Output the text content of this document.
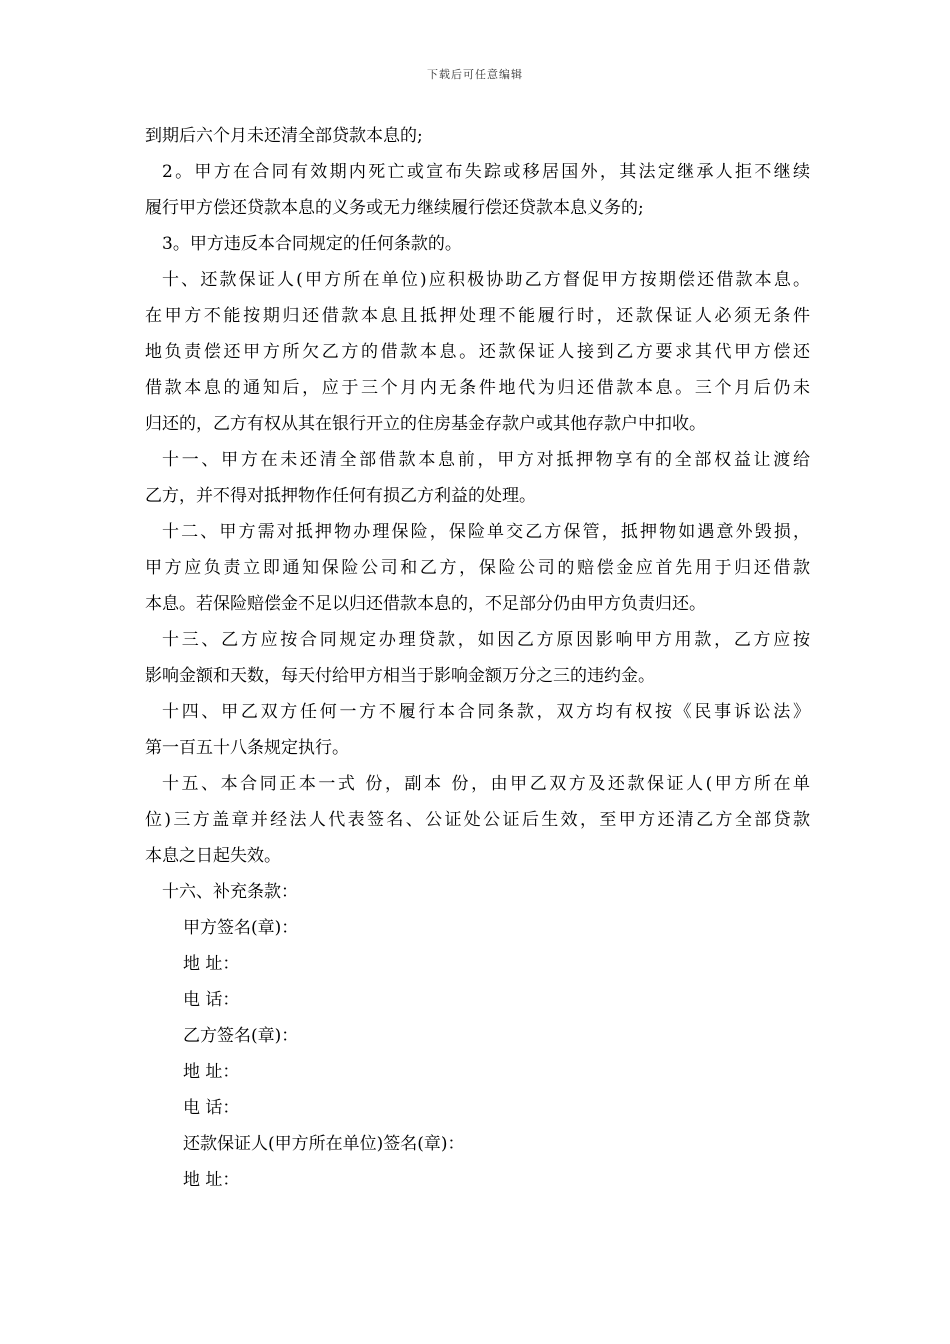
下载后可任意编辑
到期后六个月未还清全部贷款本息的;
2。甲方在合同有效期内死亡或宣布失踪或移居国外，其法定继承人拒不继续
履行甲方偿还贷款本息的义务或无力继续履行偿还贷款本息义务的;
3。甲方违反本合同规定的任何条款的。
十、还款保证人(甲方所在单位)应积极协助乙方督促甲方按期偿还借款本息。
在甲方不能按期归还借款本息且抵押处理不能履行时，还款保证人必须无条件
地负责偿还甲方所欠乙方的借款本息。还款保证人接到乙方要求其代甲方偿还
借款本息的通知后，应于三个月内无条件地代为归还借款本息。三个月后仍未
归还的，乙方有权从其在银行开立的住房基金存款户或其他存款户中扣收。
十一、甲方在未还清全部借款本息前，甲方对抵押物享有的全部权益让渡给
乙方，并不得对抵押物作任何有损乙方利益的处理。
十二、甲方需对抵押物办理保险，保险单交乙方保管，抵押物如遇意外毁损，
甲方应负责立即通知保险公司和乙方，保险公司的赔偿金应首先用于归还借款
本息。若保险赔偿金不足以归还借款本息的，不足部分仍由甲方负责归还。
十三、乙方应按合同规定办理贷款，如因乙方原因影响甲方用款，乙方应按
影响金额和天数，每天付给甲方相当于影响金额万分之三的违约金。
十四、甲乙双方任何一方不履行本合同条款，双方均有权按《民事诉讼法》
第一百五十八条规定执行。
十五、本合同正本一式 份，副本 份，由甲乙双方及还款保证人(甲方所在单
位)三方盖章并经法人代表签名、公证处公证后生效，至甲方还清乙方全部贷款
本息之日起失效。
十六、补充条款：
甲方签名(章)：
地 址：
电 话：
乙方签名(章)：
地 址：
电 话：
还款保证人(甲方所在单位)签名(章)：
地 址：
